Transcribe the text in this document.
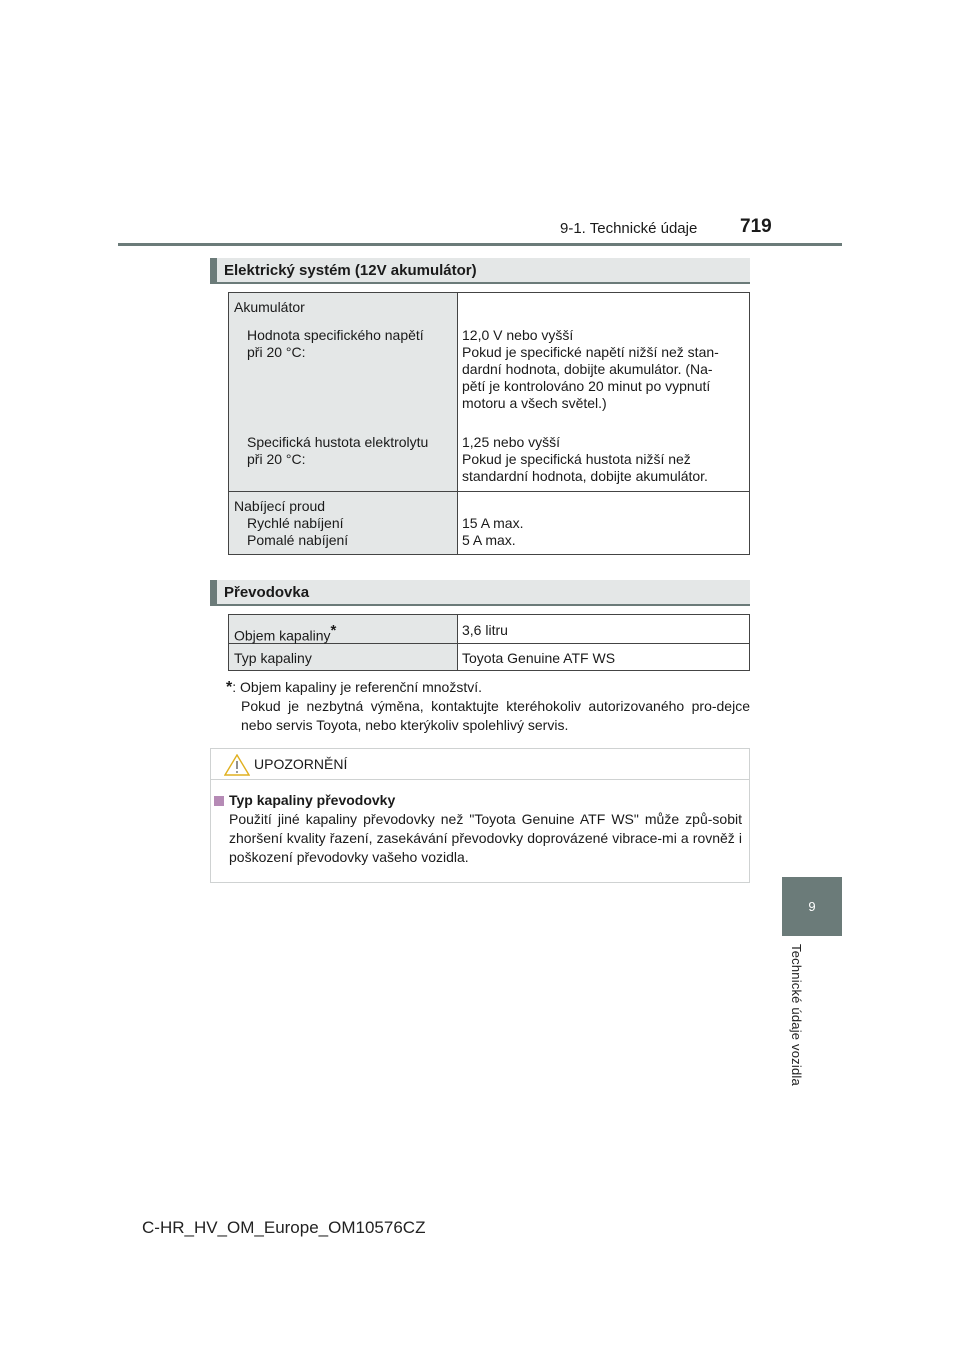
9-1. Technické údaje 719
9
Technické údaje vozidla
Elektrický systém (12V akumulátor)
Akumulátor
Hodnota specifického napětí
při 20 °C:
12,0 V nebo vyšší
Pokud je specifické napětí nižší než stan-
dardní hodnota, dobijte akumulátor. (Na-
pětí je kontrolováno 20 minut po vypnutí
motoru a všech světel.)
Specifická hustota elektrolytu
při 20 °C:
1,25 nebo vyšší
Pokud je specifická hustota nižší než
standardní hodnota, dobijte akumulátor.
Nabíjecí proud
Rychlé nabíjení
Pomalé nabíjení
15 A max.
5 A max.
Převodovka
Objem kapaliny*	3,6 litru
Typ kapaliny	Toyota Genuine ATF WS
*: Objem kapaliny je referenční množství.
Pokud je nezbytná výměna, kontaktujte kteréhokoliv autorizovaného pro-dejce nebo servis Toyota, nebo kterýkoliv spolehlivý servis.
UPOZORNĚNÍ
Typ kapaliny převodovky
Použití jiné kapaliny převodovky než "Toyota Genuine ATF WS" může způ-sobit zhoršení kvality řazení, zasekávání převodovky doprovázené vibrace-mi a rovněž i poškození převodovky vašeho vozidla.
C-HR_HV_OM_Europe_OM10576CZ
